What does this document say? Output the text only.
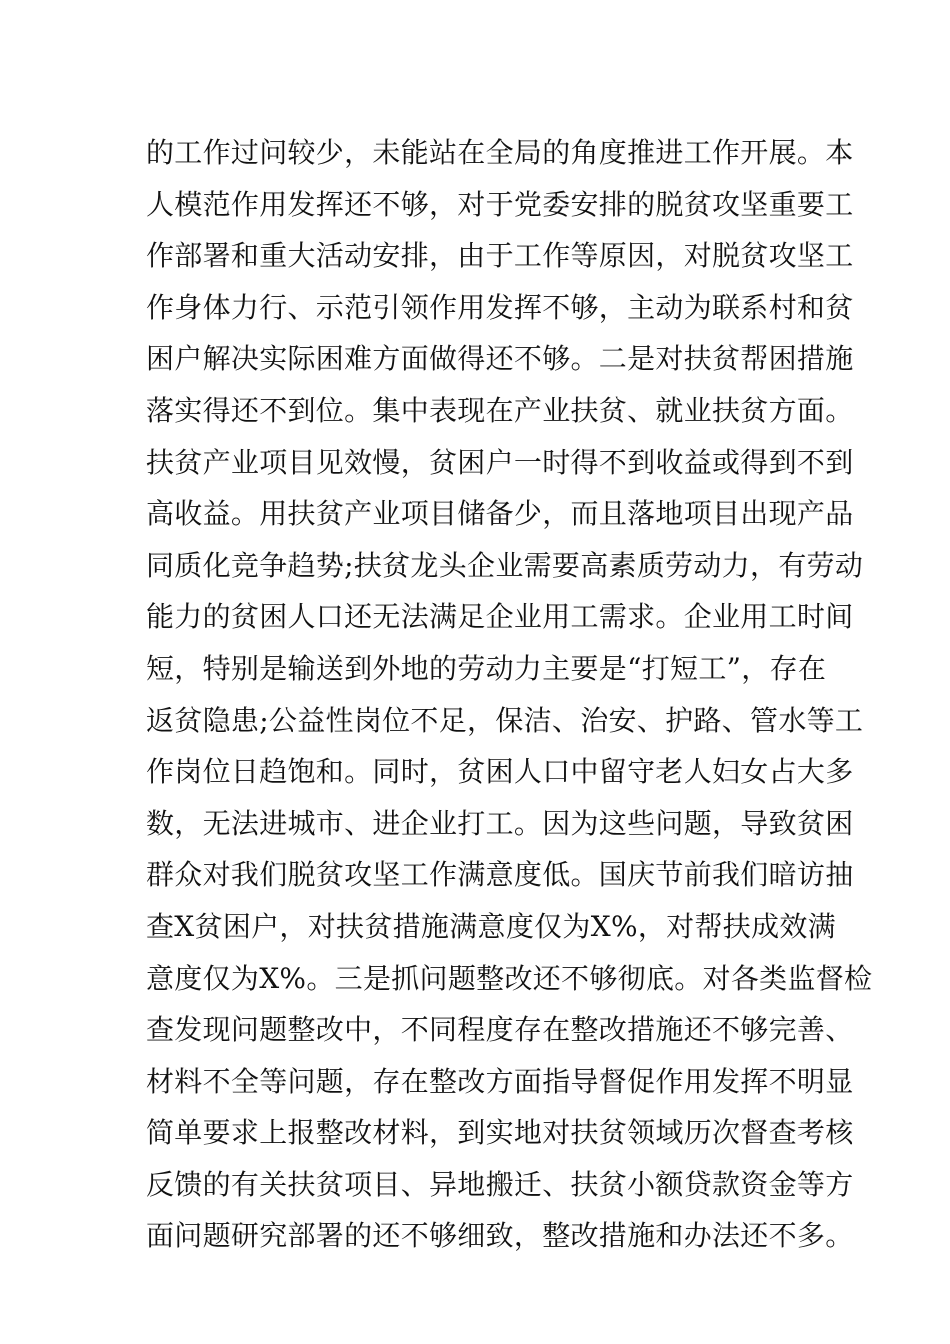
的工作过问较少，未能站在全局的角度推进工作开展。本
人模范作用发挥还不够，对于党委安排的脱贫攻坚重要工
作部署和重大活动安排，由于工作等原因，对脱贫攻坚工
作身体力行、示范引领作用发挥不够，主动为联系村和贫
困户解决实际困难方面做得还不够。二是对扶贫帮困措施
落实得还不到位。集中表现在产业扶贫、就业扶贫方面。
扶贫产业项目见效慢，贫困户一时得不到收益或得到不到
高收益。用扶贫产业项目储备少，而且落地项目出现产品
同质化竞争趋势;扶贫龙头企业需要高素质劳动力，有劳动
能力的贫困人口还无法满足企业用工需求。企业用工时间
短，特别是输送到外地的劳动力主要是“打短工”，存在
返贫隐患;公益性岗位不足，保洁、治安、护路、管水等工
作岗位日趋饱和。同时，贫困人口中留守老人妇女占大多
数，无法进城市、进企业打工。因为这些问题，导致贫困
群众对我们脱贫攻坚工作满意度低。国庆节前我们暗访抽
查X贫困户，对扶贫措施满意度仅为X%，对帮扶成效满
意度仅为X%。三是抓问题整改还不够彻底。对各类监督检
查发现问题整改中，不同程度存在整改措施还不够完善、
材料不全等问题，存在整改方面指导督促作用发挥不明显
简单要求上报整改材料，到实地对扶贫领域历次督查考核
反馈的有关扶贫项目、异地搬迁、扶贫小额贷款资金等方
面问题研究部署的还不够细致，整改措施和办法还不多。
